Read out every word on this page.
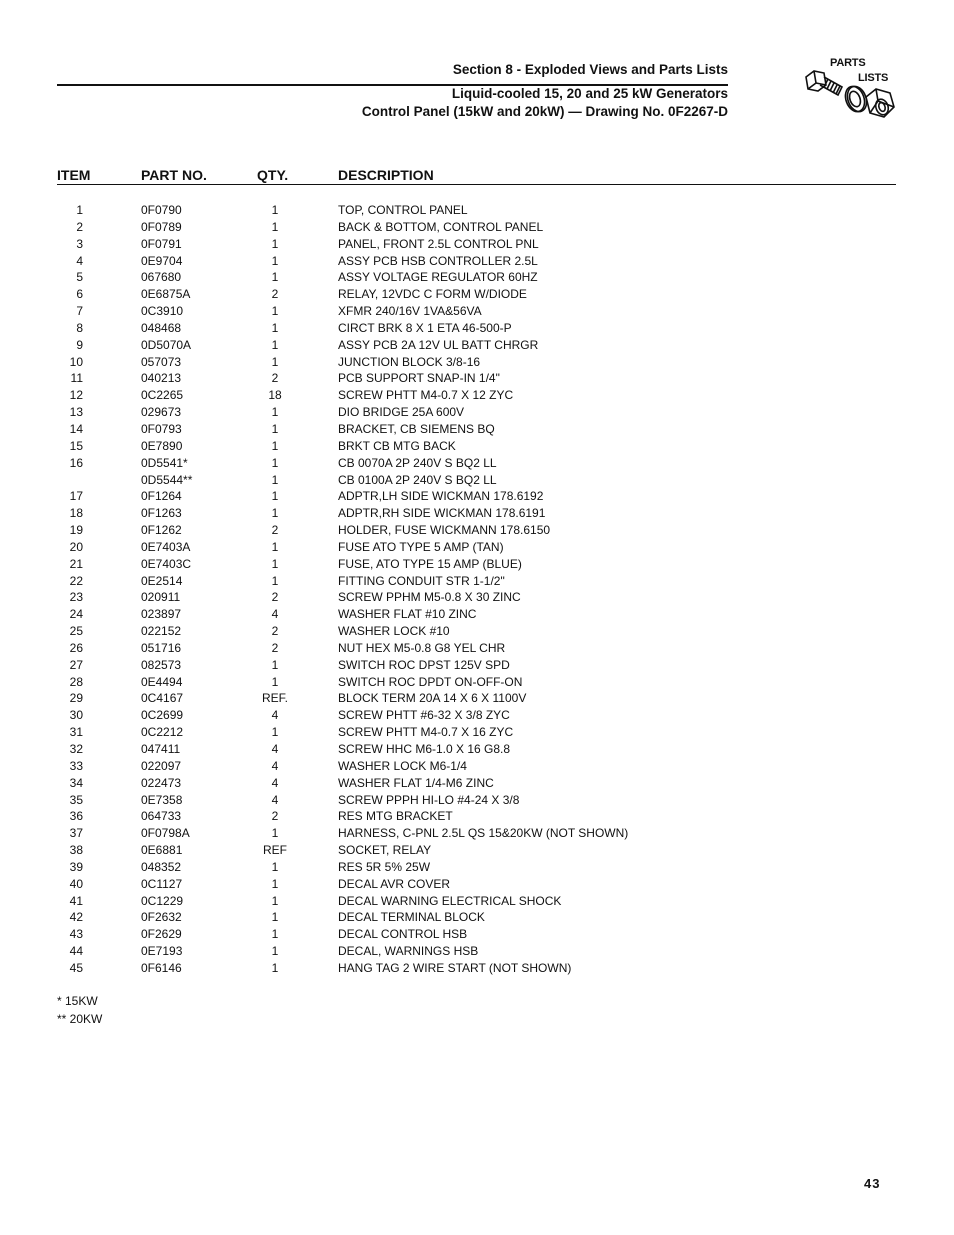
Section 8 - Exploded Views and Parts Lists
Liquid-cooled 15, 20 and 25 kW Generators
Control Panel (15kW and 20kW) — Drawing No. 0F2267-D
PARTS
LISTS
ITEM	PART NO.	QTY.	DESCRIPTION
1	0F0790	1	TOP, CONTROL PANEL
2	0F0789	1	BACK & BOTTOM, CONTROL PANEL
3	0F0791	1	PANEL, FRONT 2.5L CONTROL PNL
4	0E9704	1	ASSY PCB HSB CONTROLLER 2.5L
5	067680	1	ASSY VOLTAGE REGULATOR 60HZ
6	0E6875A	2	RELAY, 12VDC C FORM W/DIODE
7	0C3910	1	XFMR 240/16V 1VA&56VA
8	048468	1	CIRCT BRK 8 X 1 ETA 46-500-P
9	0D5070A	1	ASSY PCB 2A 12V UL BATT CHRGR
10	057073	1	JUNCTION BLOCK 3/8-16
11	040213	2	PCB SUPPORT SNAP-IN 1/4"
12	0C2265	18	SCREW PHTT M4-0.7 X 12 ZYC
13	029673	1	DIO BRIDGE 25A 600V
14	0F0793	1	BRACKET, CB SIEMENS BQ
15	0E7890	1	BRKT CB MTG BACK
16	0D5541*	1	CB 0070A 2P 240V S BQ2 LL
0D5544**	1	CB 0100A 2P 240V S BQ2 LL
17	0F1264	1	ADPTR,LH SIDE WICKMAN 178.6192
18	0F1263	1	ADPTR,RH SIDE WICKMAN 178.6191
19	0F1262	2	HOLDER, FUSE WICKMANN 178.6150
20	0E7403A	1	FUSE ATO TYPE 5 AMP (TAN)
21	0E7403C	1	FUSE, ATO TYPE 15 AMP (BLUE)
22	0E2514	1	FITTING CONDUIT STR 1-1/2"
23	020911	2	SCREW PPHM M5-0.8 X 30 ZINC
24	023897	4	WASHER FLAT #10 ZINC
25	022152	2	WASHER LOCK #10
26	051716	2	NUT HEX M5-0.8 G8 YEL CHR
27	082573	1	SWITCH ROC DPST 125V SPD
28	0E4494	1	SWITCH ROC DPDT ON-OFF-ON
29	0C4167	REF.	BLOCK TERM 20A 14 X 6 X 1100V
30	0C2699	4	SCREW PHTT #6-32 X 3/8 ZYC
31	0C2212	1	SCREW PHTT M4-0.7 X 16 ZYC
32	047411	4	SCREW HHC M6-1.0 X 16 G8.8
33	022097	4	WASHER LOCK M6-1/4
34	022473	4	WASHER FLAT 1/4-M6 ZINC
35	0E7358	4	SCREW PPPH HI-LO #4-24 X 3/8
36	064733	2	RES MTG BRACKET
37	0F0798A	1	HARNESS, C-PNL 2.5L QS 15&20KW (NOT SHOWN)
38	0E6881	REF	SOCKET, RELAY
39	048352	1	RES 5R 5% 25W
40	0C1127	1	DECAL AVR COVER
41	0C1229	1	DECAL WARNING ELECTRICAL SHOCK
42	0F2632	1	DECAL TERMINAL BLOCK
43	0F2629	1	DECAL CONTROL HSB
44	0E7193	1	DECAL, WARNINGS HSB
45	0F6146	1	HANG TAG 2 WIRE START (NOT SHOWN)
* 15KW
** 20KW
43
